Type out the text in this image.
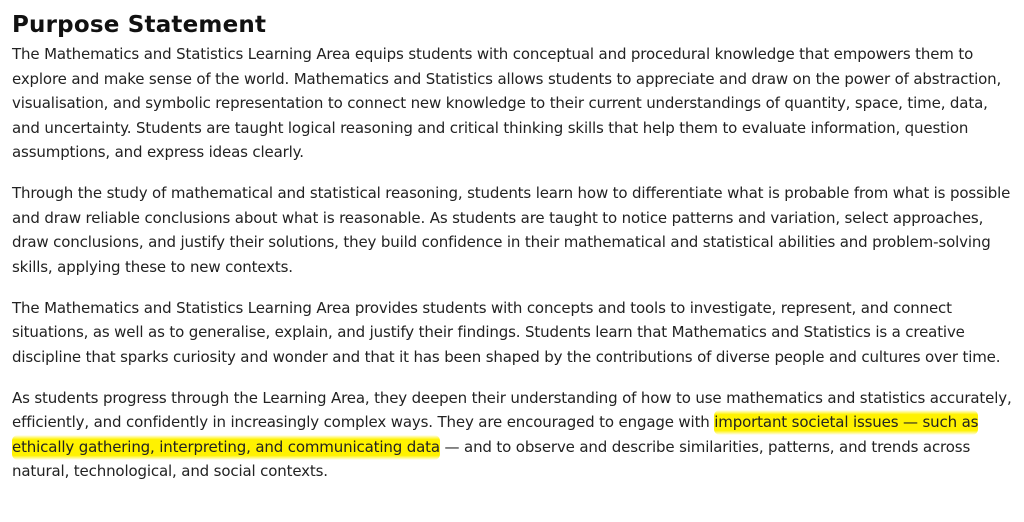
Purpose Statement

The Mathematics and Statistics Learning Area equips students with conceptual and procedural knowledge that empowers them to explore and make sense of the world. Mathematics and Statistics allows students to appreciate and draw on the power of abstraction, visualisation, and symbolic representation to connect new knowledge to their current understandings of quantity, space, time, data, and uncertainty. Students are taught logical reasoning and critical thinking skills that help them to evaluate information, question assumptions, and express ideas clearly.

Through the study of mathematical and statistical reasoning, students learn how to differentiate what is probable from what is possible and draw reliable conclusions about what is reasonable. As students are taught to notice patterns and variation, select approaches, draw conclusions, and justify their solutions, they build confidence in their mathematical and statistical abilities and problem-solving skills, applying these to new contexts.

The Mathematics and Statistics Learning Area provides students with concepts and tools to investigate, represent, and connect situations, as well as to generalise, explain, and justify their findings. Students learn that Mathematics and Statistics is a creative discipline that sparks curiosity and wonder and that it has been shaped by the contributions of diverse people and cultures over time.

As students progress through the Learning Area, they deepen their understanding of how to use mathematics and statistics accurately, efficiently, and confidently in increasingly complex ways. They are encouraged to engage with important societal issues — such as ethically gathering, interpreting, and communicating data — and to observe and describe similarities, patterns, and trends across natural, technological, and social contexts.
